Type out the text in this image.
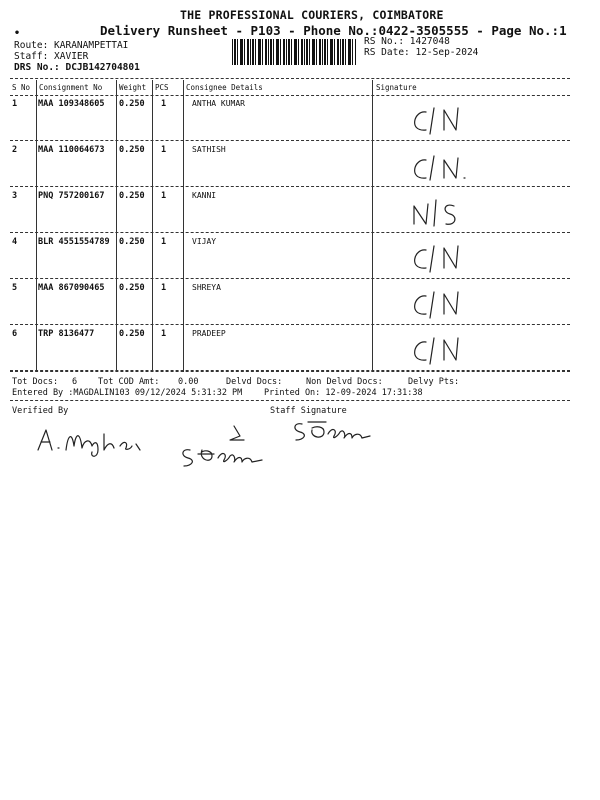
THE PROFESSIONAL COURIERS, COIMBATORE
•	Delivery Runsheet - P103 - Phone No.:0422-3505555 - Page No.:1
Route: KARANAMPETTAI
Staff: XAVIER
DRS No.: DCJB142704801
RS No.: 1427048
RS Date: 12-Sep-2024
S No Consignment No Weight PCS Consignee Details	Signature
1 MAA 109348605 0.250 1	ANTHA KUMAR
2 MAA 110064673 0.250 1	SATHISH
3 PNQ 757200167 0.250 1	KANNI
4 BLR 4551554789 0.250 1	VIJAY
5 MAA 867090465 0.250 1	SHREYA
6 TRP 8136477	0.250 1	PRADEEP
Tot Docs: 6 Tot COD Amt: 0.00	Delvd Docs:	Non Delvd Docs:	Delvy Pts:
Entered By :MAGDALIN103 09/12/2024 5:31:32 PM	Printed On: 12-09-2024 17:31:38
Verified By	Staff Signature
